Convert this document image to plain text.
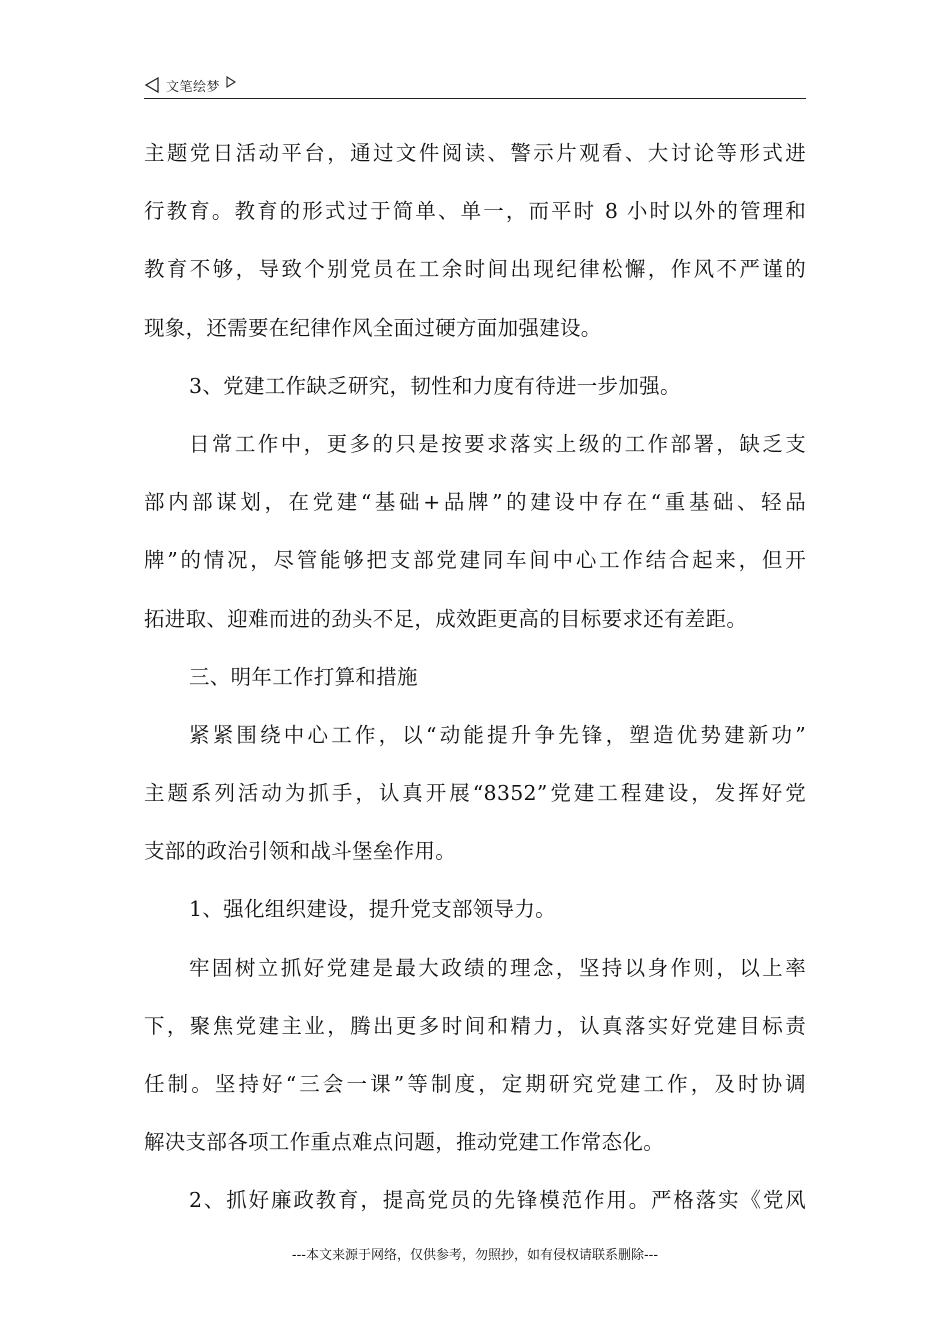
文笔绘梦
主题党日活动平台，通过文件阅读、警示片观看、大讨论等形式进
行教育。教育的形式过于简单、单一，而平时 8 小时以外的管理和
教育不够，导致个别党员在工余时间出现纪律松懈，作风不严谨的
现象，还需要在纪律作风全面过硬方面加强建设。
3、党建工作缺乏研究，韧性和力度有待进一步加强。
日常工作中，更多的只是按要求落实上级的工作部署，缺乏支
部内部谋划，在党建“基础+品牌”的建设中存在“重基础、轻品
牌”的情况，尽管能够把支部党建同车间中心工作结合起来，但开
拓进取、迎难而进的劲头不足，成效距更高的目标要求还有差距。
三、明年工作打算和措施
紧紧围绕中心工作，以“动能提升争先锋，塑造优势建新功”
主题系列活动为抓手，认真开展“8352”党建工程建设，发挥好党
支部的政治引领和战斗堡垒作用。
1、强化组织建设，提升党支部领导力。
牢固树立抓好党建是最大政绩的理念，坚持以身作则，以上率
下，聚焦党建主业，腾出更多时间和精力，认真落实好党建目标责
任制。坚持好“三会一课”等制度，定期研究党建工作，及时协调
解决支部各项工作重点难点问题，推动党建工作常态化。
2、抓好廉政教育，提高党员的先锋模范作用。严格落实《党风
---本文来源于网络，仅供参考，勿照抄，如有侵权请联系删除---
